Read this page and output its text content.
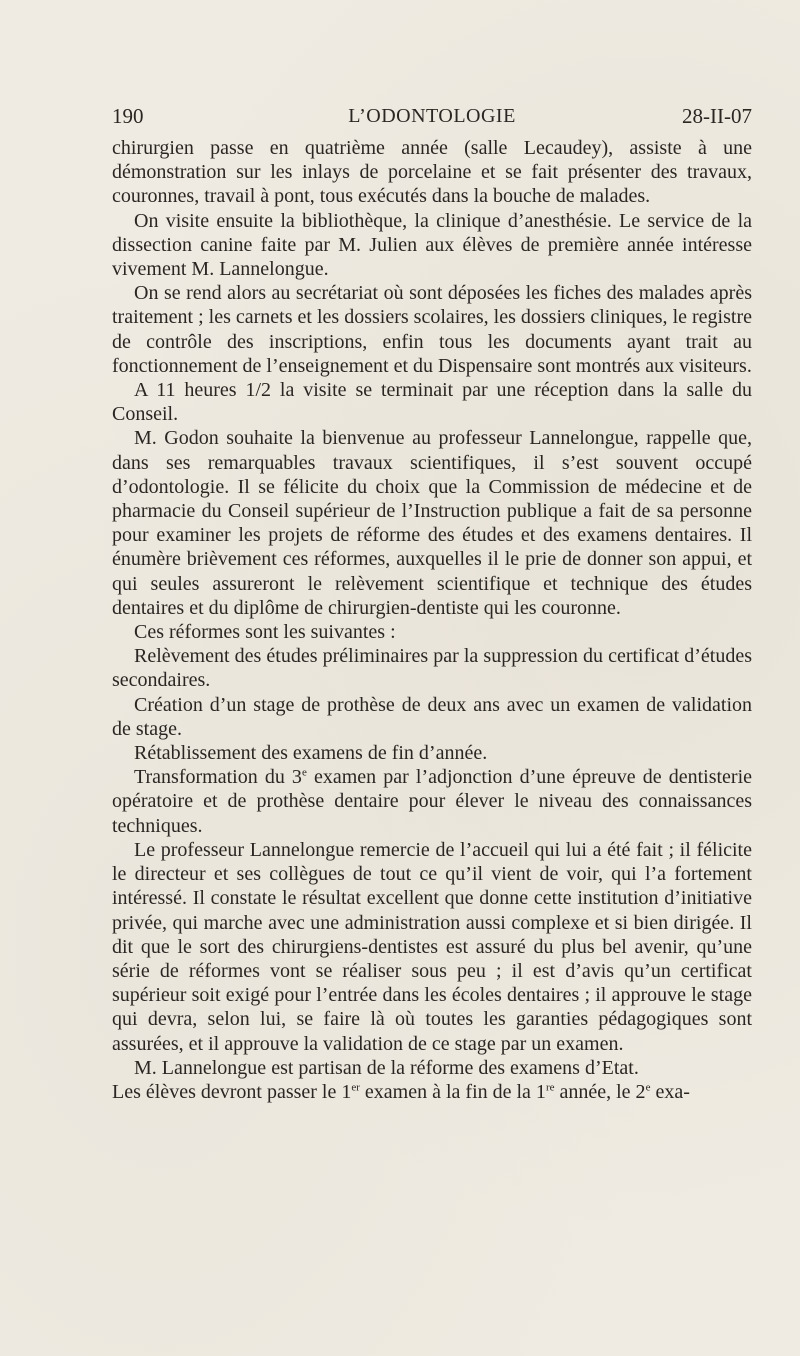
190	L’ODONTOLOGIE	28-II-07

chirurgien passe en quatrième année (salle Lecaudey), assiste à une démonstration sur les inlays de porcelaine et se fait présenter des travaux, couronnes, travail à pont, tous exécutés dans la bouche de malades.

On visite ensuite la bibliothèque, la clinique d’anesthésie. Le service de la dissection canine faite par M. Julien aux élèves de première année intéresse vivement M. Lannelongue.

On se rend alors au secrétariat où sont déposées les fiches des malades après traitement ; les carnets et les dossiers scolaires, les dossiers cliniques, le registre de contrôle des inscriptions, enfin tous les documents ayant trait au fonctionnement de l’enseignement et du Dispensaire sont montrés aux visiteurs.

A 11 heures 1/2 la visite se terminait par une réception dans la salle du Conseil.

M. Godon souhaite la bienvenue au professeur Lannelongue, rappelle que, dans ses remarquables travaux scientifiques, il s’est souvent occupé d’odontologie. Il se félicite du choix que la Commission de médecine et de pharmacie du Conseil supérieur de l’Instruction publique a fait de sa personne pour examiner les projets de réforme des études et des examens dentaires. Il énumère brièvement ces réformes, auxquelles il le prie de donner son appui, et qui seules assureront le relèvement scientifique et technique des études dentaires et du diplôme de chirurgien-dentiste qui les couronne.

Ces réformes sont les suivantes :

Relèvement des études préliminaires par la suppression du certificat d’études secondaires.

Création d’un stage de prothèse de deux ans avec un examen de validation de stage.

Rétablissement des examens de fin d’année.

Transformation du 3e examen par l’adjonction d’une épreuve de dentisterie opératoire et de prothèse dentaire pour élever le niveau des connaissances techniques.

Le professeur Lannelongue remercie de l’accueil qui lui a été fait ; il félicite le directeur et ses collègues de tout ce qu’il vient de voir, qui l’a fortement intéressé. Il constate le résultat excellent que donne cette institution d’initiative privée, qui marche avec une administration aussi complexe et si bien dirigée. Il dit que le sort des chirurgiens-dentistes est assuré du plus bel avenir, qu’une série de réformes vont se réaliser sous peu ; il est d’avis qu’un certificat supérieur soit exigé pour l’entrée dans les écoles dentaires ; il approuve le stage qui devra, selon lui, se faire là où toutes les garanties pédagogiques sont assurées, et il approuve la validation de ce stage par un examen.

M. Lannelongue est partisan de la réforme des examens d’Etat.

Les élèves devront passer le 1er examen à la fin de la 1re année, le 2e exa-
